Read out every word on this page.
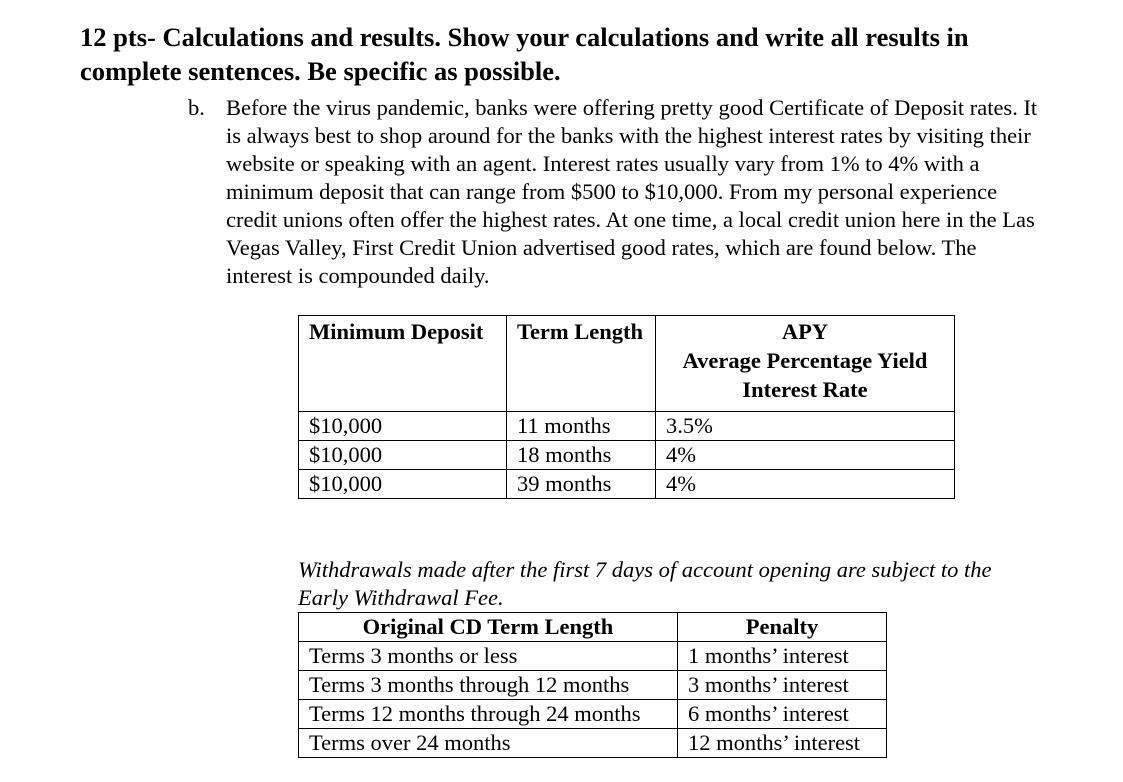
12 pts- Calculations and results. Show your calculations and write all results in
complete sentences. Be specific as possible.
b. Before the virus pandemic, banks were offering pretty good Certificate of Deposit rates. It

is always best to shop around for the banks with the highest interest rates by visiting their

website or speaking with an agent. Interest rates usually vary from 1% to 4% with a

minimum deposit that can range from $500 to $10,000. From my personal experience

credit unions often offer the highest rates. At one time, a local credit union here in the Las

Vegas Valley, First Credit Union advertised good rates, which are found below. The

interest is compounded daily.

Minimum Deposit	Term Length	APY
Average Percentage Yield
Interest Rate

$10,000	11 months	3.5%
$10,000	18 months	4%
$10,000	39 months	4%
Withdrawals made after the first 7 days of account opening are subject to the
Early Withdrawal Fee.
Original CD Term Length	Penalty
Terms 3 months or less	1 months’ interest
Terms 3 months through 12 months	3 months’ interest
Terms 12 months through 24 months	6 months’ interest
Terms over 24 months	12 months’ interest
